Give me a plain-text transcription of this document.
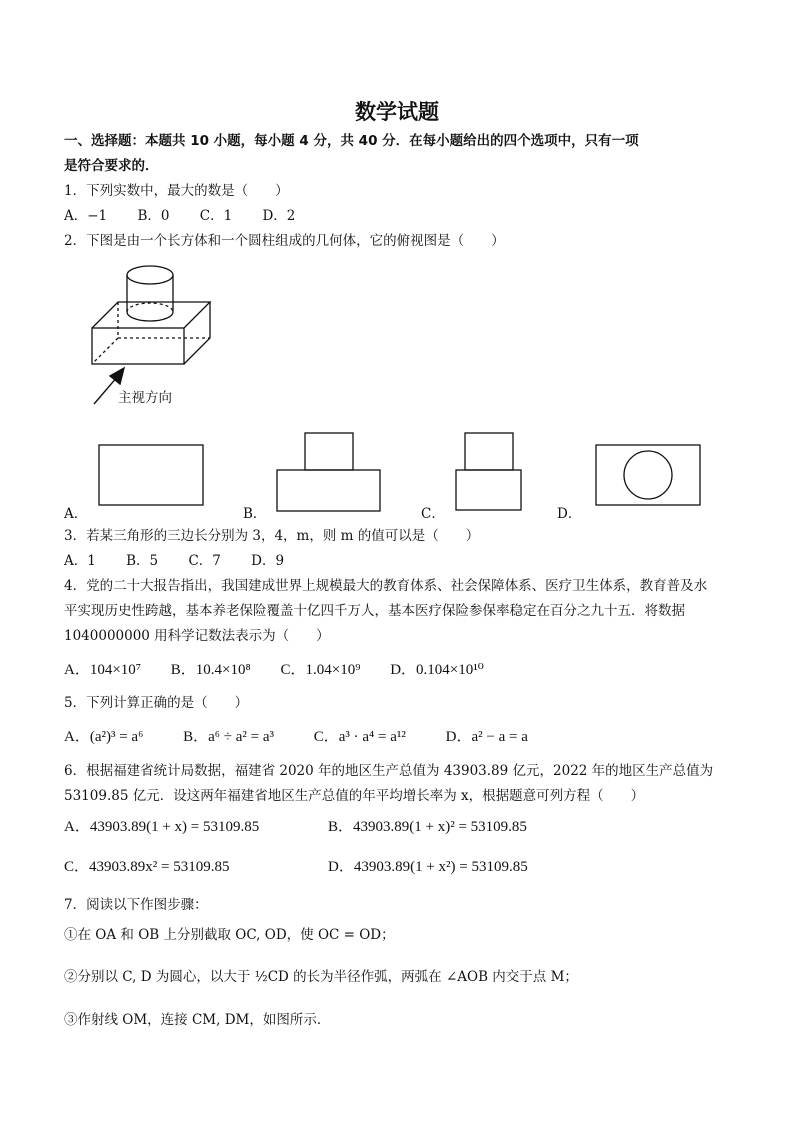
数学试题
一、选择题：本题共 10 小题，每小题 4 分，共 40 分．在每小题给出的四个选项中，只有一项
是符合要求的．
1．下列实数中，最大的数是（　　）
A．−1 B．0 C．1 D．2
2．下图是由一个长方体和一个圆柱组成的几何体，它的俯视图是（　　）
主视方向
A．	B．	C．	D．
3．若某三角形的三边长分别为 3，4，m，则 m 的值可以是（　　）
A．1 B．5 C．7 D．9
4．党的二十大报告指出，我国建成世界上规模最大的教育体系、社会保障体系、医疗卫生体系，教育普及水
平实现历史性跨越，基本养老保险覆盖十亿四千万人，基本医疗保险参保率稳定在百分之九十五．将数据
1040000000 用科学记数法表示为（　　）
A．104×10⁷ B．10.4×10⁸ C．1.04×10⁹ D．0.104×10¹⁰
5．下列计算正确的是（　　）
A．(a²)³ = a⁶	B．a⁶ ÷ a² = a³	C．a³ · a⁴ = a¹²	D．a² − a = a
6．根据福建省统计局数据，福建省 2020 年的地区生产总值为 43903.89 亿元，2022 年的地区生产总值为
53109.85 亿元．设这两年福建省地区生产总值的年平均增长率为 x，根据题意可列方程（　　）
A．43903.89(1 + x) = 53109.85	B．43903.89(1 + x)² = 53109.85
C．43903.89x² = 53109.85	D．43903.89(1 + x²) = 53109.85
7．阅读以下作图步骤：
①在 OA 和 OB 上分别截取 OC, OD，使 OC = OD；
②分别以 C, D 为圆心，以大于 ½CD 的长为半径作弧，两弧在 ∠AOB 内交于点 M；
③作射线 OM，连接 CM, DM，如图所示．
